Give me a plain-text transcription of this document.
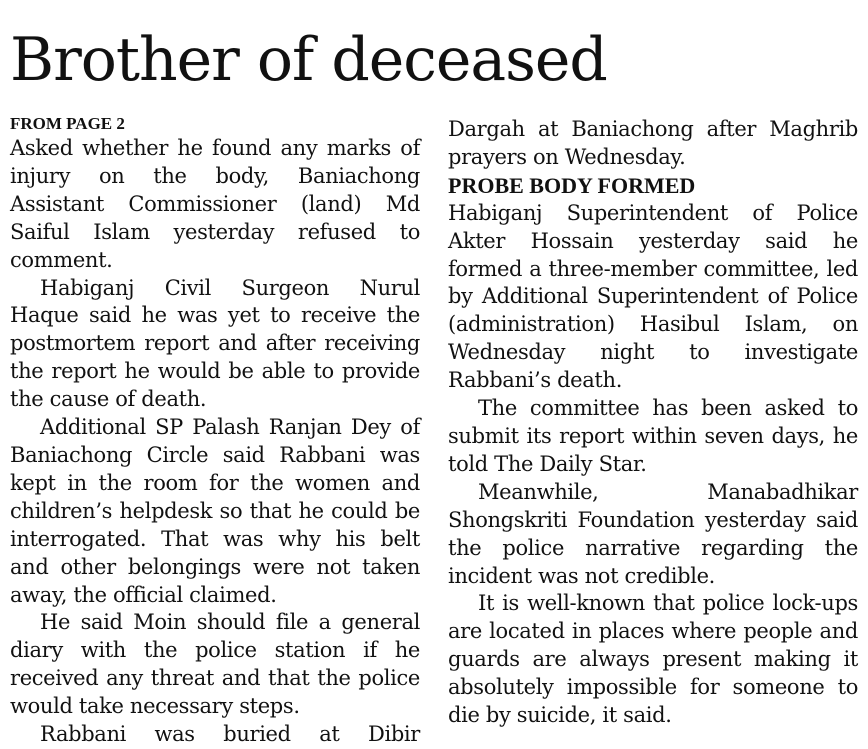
Brother of deceased
FROM PAGE 2

Asked whether he found any marks of injury on the body, Baniachong Assistant Commissioner (land) Md Saiful Islam yesterday refused to comment.

Habiganj Civil Surgeon Nurul Haque said he was yet to receive the postmortem report and after receiving the report he would be able to provide the cause of death.

Additional SP Palash Ranjan Dey of Baniachong Circle said Rabbani was kept in the room for the women and children’s helpdesk so that he could be interrogated. That was why his belt and other belongings were not taken away, the official claimed.

He said Moin should file a general diary with the police station if he received any threat and that the police would take necessary steps.

Rabbani was buried at Dibir

Dargah at Baniachong after Maghrib prayers on Wednesday.

PROBE BODY FORMED

Habiganj Superintendent of Police Akter Hossain yesterday said he formed a three-member committee, led by Additional Superintendent of Police (administration) Hasibul Islam, on Wednesday night to investigate Rabbani’s death.

The committee has been asked to submit its report within seven days, he told The Daily Star.

Meanwhile, Manabadhikar Shongskriti Foundation yesterday said the police narrative regarding the incident was not credible.

It is well-known that police lock-ups are located in places where people and guards are always present making it absolutely impossible for someone to die by suicide, it said.
